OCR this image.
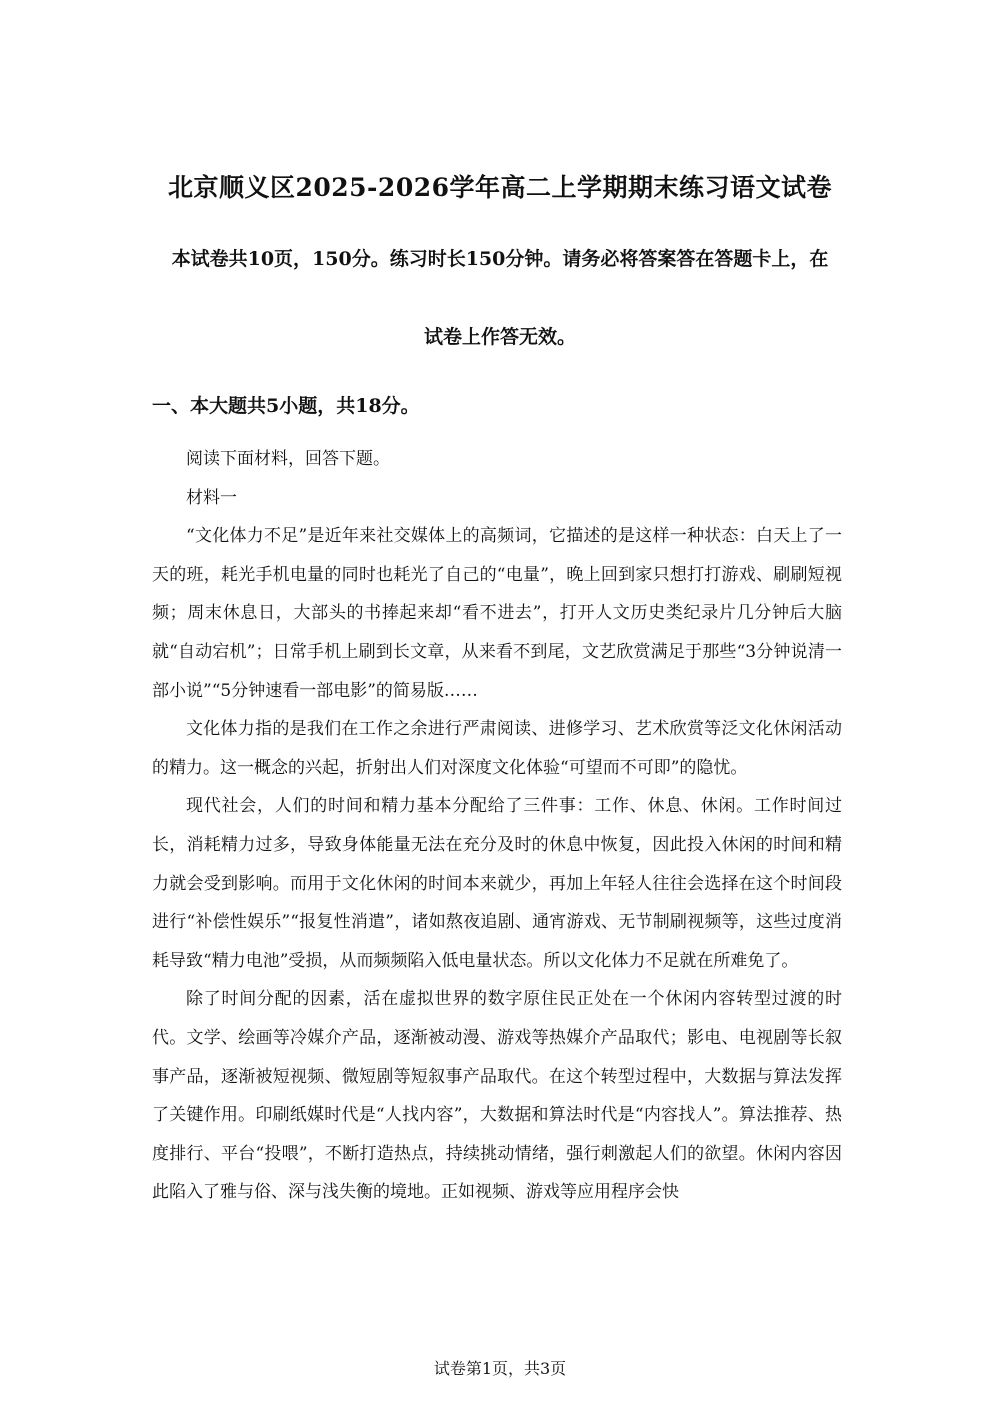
北京顺义区2025-2026学年高二上学期期末练习语文试卷
本试卷共10页，150分。练习时长150分钟。请务必将答案答在答题卡上，在
试卷上作答无效。
一、本大题共5小题，共18分。

阅读下面材料，回答下题。

材料一

“文化体力不足”是近年来社交媒体上的高频词，它描述的是这样一种状态：白天上了一天的班，耗光手机电量的同时也耗光了自己的“电量”，晚上回到家只想打打游戏、刷刷短视频；周末休息日，大部头的书捧起来却“看不进去”，打开人文历史类纪录片几分钟后大脑就“自动宕机”；日常手机上刷到长文章，从来看不到尾，文艺欣赏满足于那些“3分钟说清一部小说”“5分钟速看一部电影”的简易版……

文化体力指的是我们在工作之余进行严肃阅读、进修学习、艺术欣赏等泛文化休闲活动的精力。这一概念的兴起，折射出人们对深度文化体验“可望而不可即”的隐忧。

现代社会，人们的时间和精力基本分配给了三件事：工作、休息、休闲。工作时间过长，消耗精力过多，导致身体能量无法在充分及时的休息中恢复，因此投入休闲的时间和精力就会受到影响。而用于文化休闲的时间本来就少，再加上年轻人往往会选择在这个时间段进行“补偿性娱乐”“报复性消遣”，诸如熬夜追剧、通宵游戏、无节制刷视频等，这些过度消耗导致“精力电池”受损，从而频频陷入低电量状态。所以文化体力不足就在所难免了。

除了时间分配的因素，活在虚拟世界的数字原住民正处在一个休闲内容转型过渡的时代。文学、绘画等冷媒介产品，逐渐被动漫、游戏等热媒介产品取代；影电、电视剧等长叙事产品，逐渐被短视频、微短剧等短叙事产品取代。在这个转型过程中，大数据与算法发挥了关键作用。印刷纸媒时代是“人找内容”，大数据和算法时代是“内容找人”。算法推荐、热度排行、平台“投喂”，不断打造热点，持续挑动情绪，强行刺激起人们的欲望。休闲内容因此陷入了雅与俗、深与浅失衡的境地。正如视频、游戏等应用程序会快

试卷第1页，共3页
